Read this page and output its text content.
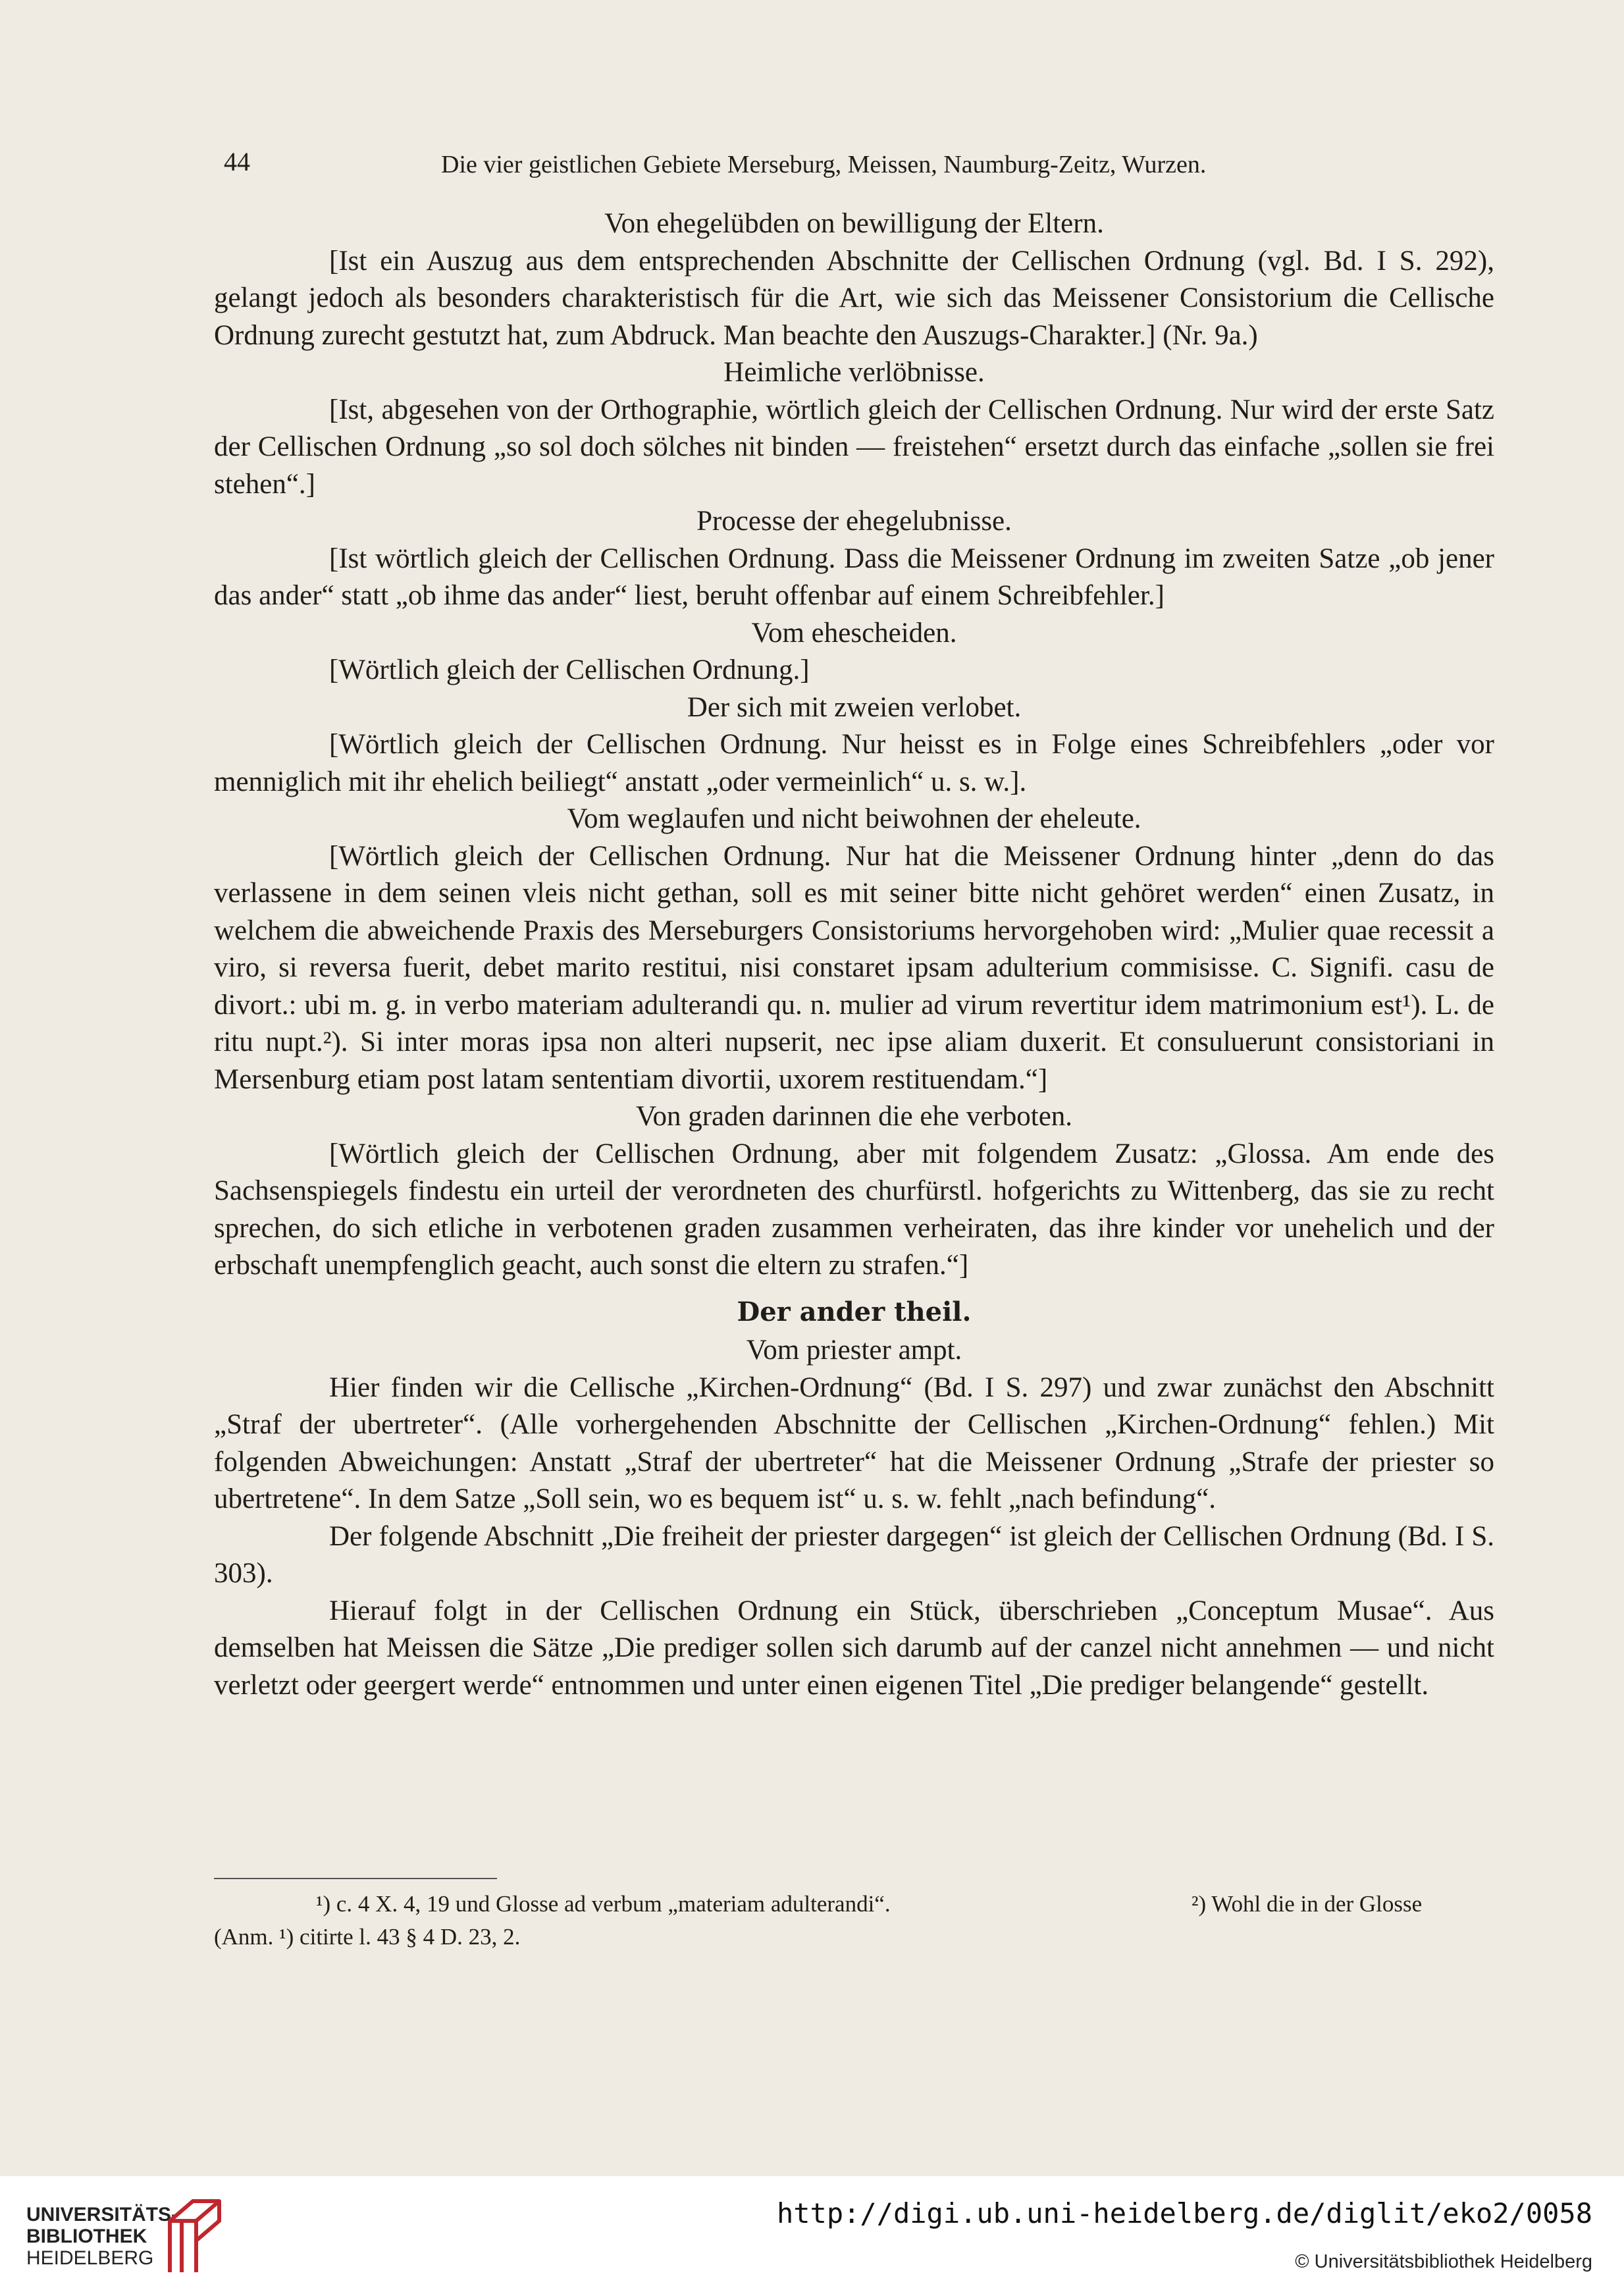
44	Die vier geistlichen Gebiete Merseburg, Meissen, Naumburg-Zeitz, Wurzen.

Von ehegelübden on bewilligung der Eltern.

[Ist ein Auszug aus dem entsprechenden Abschnitte der Cellischen Ordnung (vgl. Bd. I S. 292), gelangt jedoch als besonders charakteristisch für die Art, wie sich das Meissener Consistorium die Cellische Ordnung zurecht gestutzt hat, zum Abdruck. Man beachte den Auszugs-Charakter.] (Nr. 9a.)

Heimliche verlöbnisse.

[Ist, abgesehen von der Orthographie, wörtlich gleich der Cellischen Ordnung. Nur wird der erste Satz der Cellischen Ordnung „so sol doch sölches nit binden — freistehen“ ersetzt durch das einfache „sollen sie frei stehen“.]

Processe der ehegelubnisse.

[Ist wörtlich gleich der Cellischen Ordnung. Dass die Meissener Ordnung im zweiten Satze „ob jener das ander“ statt „ob ihme das ander“ liest, beruht offenbar auf einem Schreibfehler.]

Vom ehescheiden.

[Wörtlich gleich der Cellischen Ordnung.]

Der sich mit zweien verlobet.

[Wörtlich gleich der Cellischen Ordnung. Nur heisst es in Folge eines Schreibfehlers „oder vor menniglich mit ihr ehelich beiliegt“ anstatt „oder vermeinlich“ u. s. w.].

Vom weglaufen und nicht beiwohnen der eheleute.

[Wörtlich gleich der Cellischen Ordnung. Nur hat die Meissener Ordnung hinter „denn do das verlassene in dem seinen vleis nicht gethan, soll es mit seiner bitte nicht gehöret werden“ einen Zusatz, in welchem die abweichende Praxis des Merseburgers Consistoriums hervorgehoben wird: „Mulier quae recessit a viro, si reversa fuerit, debet marito restitui, nisi constaret ipsam adulterium commisisse. C. Signifi. casu de divort.: ubi m. g. in verbo materiam adulterandi qu. n. mulier ad virum revertitur idem matrimonium est¹). L. de ritu nupt.²). Si inter moras ipsa non alteri nupserit, nec ipse aliam duxerit. Et consuluerunt consistoriani in Mersenburg etiam post latam sententiam divortii, uxorem restituendam.“]

Von graden darinnen die ehe verboten.

[Wörtlich gleich der Cellischen Ordnung, aber mit folgendem Zusatz: „Glossa. Am ende des Sachsenspiegels findestu ein urteil der verordneten des churfürstl. hofgerichts zu Wittenberg, das sie zu recht sprechen, do sich etliche in verbotenen graden zusammen verheiraten, das ihre kinder vor unehelich und der erbschaft unempfenglich geacht, auch sonst die eltern zu strafen.“]

Der ander theil.

Vom priester ampt.

Hier finden wir die Cellische „Kirchen-Ordnung“ (Bd. I S. 297) und zwar zunächst den Abschnitt „Straf der ubertreter“. (Alle vorhergehenden Abschnitte der Cellischen „Kirchen-Ordnung“ fehlen.) Mit folgenden Abweichungen: Anstatt „Straf der ubertreter“ hat die Meissener Ordnung „Strafe der priester so ubertretene“. In dem Satze „Soll sein, wo es bequem ist“ u. s. w. fehlt „nach befindung“.

Der folgende Abschnitt „Die freiheit der priester dargegen“ ist gleich der Cellischen Ordnung (Bd. I S. 303).

Hierauf folgt in der Cellischen Ordnung ein Stück, überschrieben „Conceptum Musae“. Aus demselben hat Meissen die Sätze „Die prediger sollen sich darumb auf der canzel nicht annehmen — und nicht verletzt oder geergert werde“ entnommen und unter einen eigenen Titel „Die prediger belangende“ gestellt.

¹) c. 4 X. 4, 19 und Glosse ad verbum „materiam adulterandi“.	²) Wohl die in der Glosse
(Anm. ¹) citirte l. 43 § 4 D. 23, 2.
UNIVERSITÄTS-
BIBLIOTHEK
HEIDELBERG
http://digi.ub.uni-heidelberg.de/diglit/eko2/0058
© Universitätsbibliothek Heidelberg
